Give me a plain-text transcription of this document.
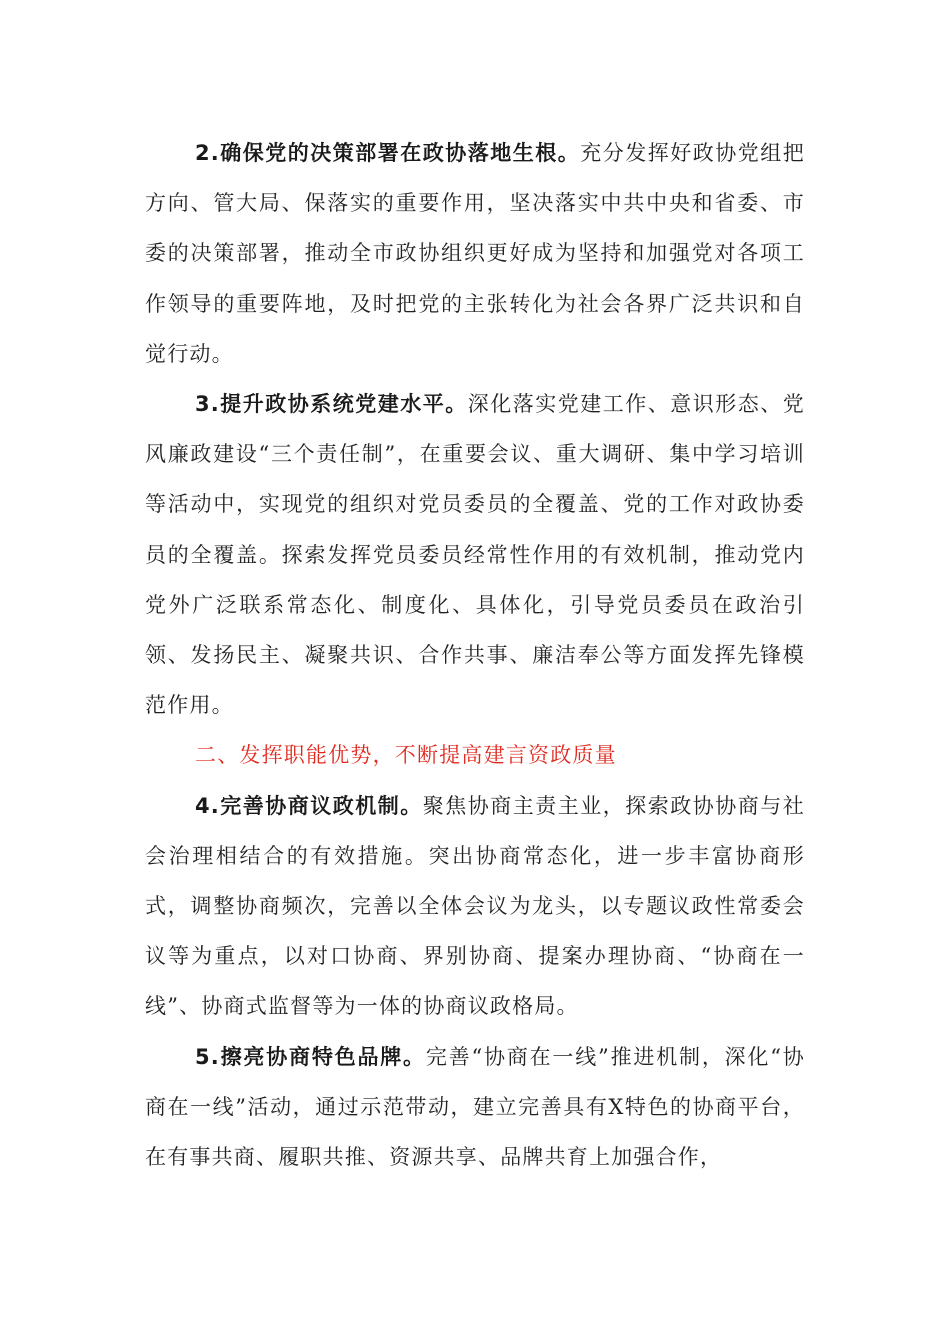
2.确保党的决策部署在政协落地生根。充分发挥好政协党组把方向、管大局、保落实的重要作用，坚决落实中共中央和省委、市委的决策部署，推动全市政协组织更好成为坚持和加强党对各项工作领导的重要阵地，及时把党的主张转化为社会各界广泛共识和自觉行动。

3.提升政协系统党建水平。深化落实党建工作、意识形态、党风廉政建设“三个责任制”，在重要会议、重大调研、集中学习培训等活动中，实现党的组织对党员委员的全覆盖、党的工作对政协委员的全覆盖。探索发挥党员委员经常性作用的有效机制，推动党内党外广泛联系常态化、制度化、具体化，引导党员委员在政治引领、发扬民主、凝聚共识、合作共事、廉洁奉公等方面发挥先锋模范作用。

二、发挥职能优势，不断提高建言资政质量

4.完善协商议政机制。聚焦协商主责主业，探索政协协商与社会治理相结合的有效措施。突出协商常态化，进一步丰富协商形式，调整协商频次，完善以全体会议为龙头，以专题议政性常委会议等为重点，以对口协商、界别协商、提案办理协商、“协商在一线”、协商式监督等为一体的协商议政格局。

5.擦亮协商特色品牌。完善“协商在一线”推进机制，深化“协商在一线”活动，通过示范带动，建立完善具有X特色的协商平台，在有事共商、履职共推、资源共享、品牌共育上加强合作，
